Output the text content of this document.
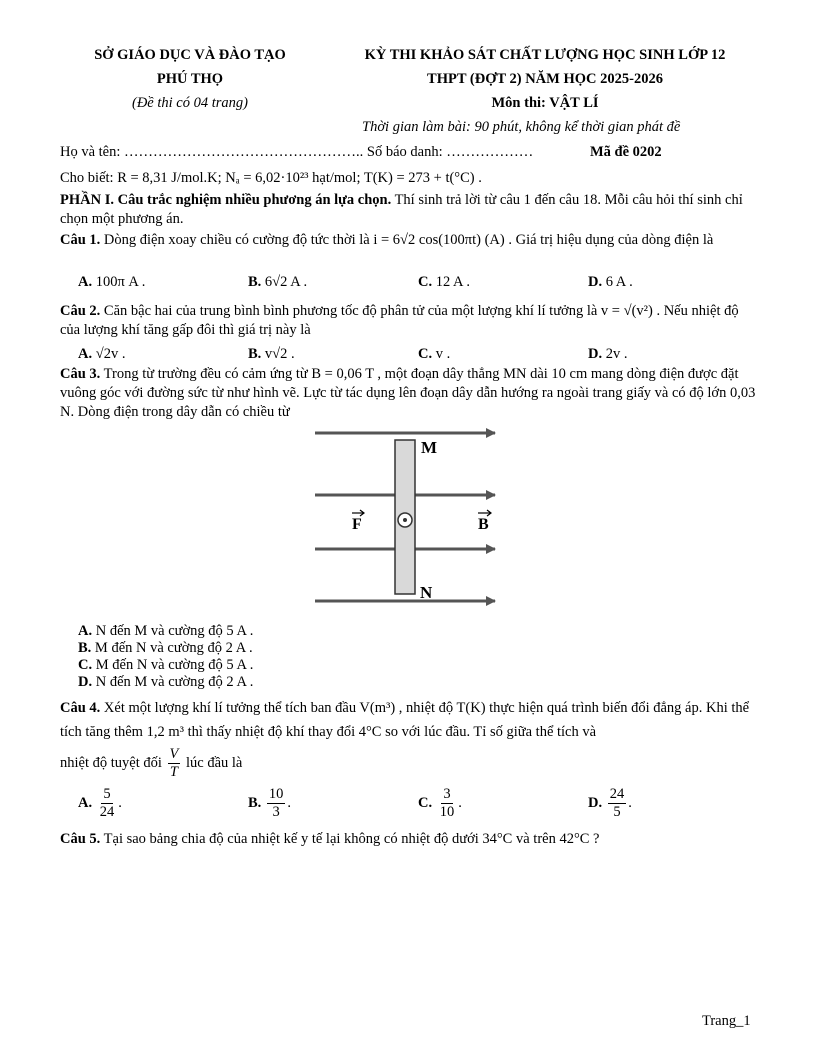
SỞ GIÁO DỤC VÀ ĐÀO TẠO
PHÚ THỌ
(Đề thi có 04 trang)
KỲ THI KHẢO SÁT CHẤT LƯỢNG HỌC SINH LỚP 12
THPT (ĐỢT 2) NĂM HỌC 2025-2026
Môn thi: VẬT LÍ
Thời gian làm bài: 90 phút, không kể thời gian phát đề
Họ và tên: ………………………………………….. Số báo danh: ………………	Mã đề 0202
Cho biết: R = 8,31 J/mol.K; Nₐ = 6,02·10²³ hạt/mol; T(K) = 273 + t(°C) .
PHẦN I. Câu trắc nghiệm nhiều phương án lựa chọn. Thí sinh trả lời từ câu 1 đến câu 18. Mỗi câu hỏi thí sinh chỉ chọn một phương án.
Câu 1. Dòng điện xoay chiều có cường độ tức thời là i = 6√2 cos(100πt) (A) . Giá trị hiệu dụng của dòng điện là
A. 100π A .	B. 6√2 A .	C. 12 A .	D. 6 A .
Câu 2. Căn bậc hai của trung bình bình phương tốc độ phân tử của một lượng khí lí tưởng là v = √(v²) . Nếu nhiệt độ của lượng khí tăng gấp đôi thì giá trị này là
A. √2v .	B. v√2 .	C. v .	D. 2v .
Câu 3. Trong từ trường đều có cảm ứng từ B = 0,06 T , một đoạn dây thẳng MN dài 10 cm mang dòng điện được đặt vuông góc với đường sức từ như hình vẽ. Lực từ tác dụng lên đoạn dây dẫn hướng ra ngoài trang giấy và có độ lớn 0,03 N. Dòng điện trong dây dẫn có chiều từ
M
N
F	B
A. N đến M và cường độ 5 A .
B. M đến N và cường độ 2 A .
C. M đến N và cường độ 5 A .
D. N đến M và cường độ 2 A .
Câu 4. Xét một lượng khí lí tưởng thể tích ban đầu V(m³) , nhiệt độ T(K) thực hiện quá trình biến đổi đẳng áp. Khi thể tích tăng thêm 1,2 m³ thì thấy nhiệt độ khí thay đổi 4°C so với lúc đầu. Tỉ số giữa thể tích và
nhiệt độ tuyệt đối $\frac{V}{T}$ lúc đầu là
A. $\frac{5}{24}$ .	B. $\frac{10}{3}$ .	C. $\frac{3}{10}$ .	D. $\frac{24}{5}$ .
Câu 5. Tại sao bảng chia độ của nhiệt kế y tế lại không có nhiệt độ dưới 34°C và trên 42°C ?
Trang_1
